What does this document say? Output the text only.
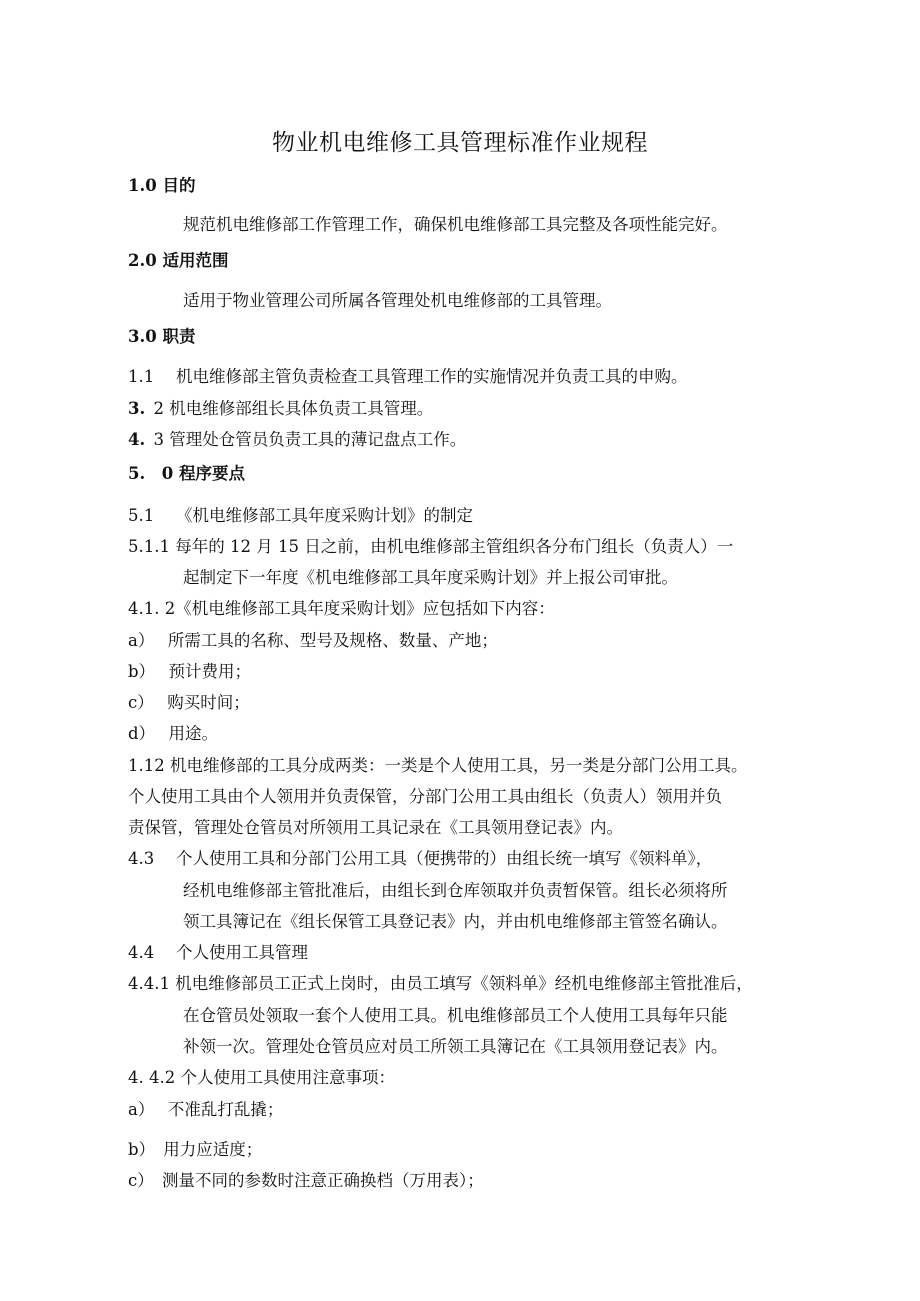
物业机电维修工具管理标准作业规程
1.0 目的
规范机电维修部工作管理工作，确保机电维修部工具完整及各项性能完好。
2.0 适用范围
适用于物业管理公司所属各管理处机电维修部的工具管理。
3.0 职责
1.1　 机电维修部主管负责检查工具管理工作的实施情况并负责工具的申购。
3.  2 机电维修部组长具体负责工具管理。
4.  3 管理处仓管员负责工具的薄记盘点工作。
5.　0 程序要点
5.1　 《机电维修部工具年度采购计划》的制定
5.1.1 每年的 12 月 15 日之前，由机电维修部主管组织各分布门组长（负责人）一
起制定下一年度《机电维修部工具年度采购计划》并上报公司审批。
4.1. 2《机电维修部工具年度采购计划》应包括如下内容：
a）　 所需工具的名称、型号及规格、数量、产地；
b）　 预计费用；
c）　 购买时间；
d）　 用途。
1.12 机电维修部的工具分成两类：一类是个人使用工具，另一类是分部门公用工具。
个人使用工具由个人领用并负责保管，分部门公用工具由组长（负责人）领用并负
责保管，管理处仓管员对所领用工具记录在《工具领用登记表》内。
4.3　 个人使用工具和分部门公用工具（便携带的）由组长统一填写《领料单》，
经机电维修部主管批准后，由组长到仓库领取并负责暂保管。组长必须将所
领工具簿记在《组长保管工具登记表》内，并由机电维修部主管签名确认。
4.4　 个人使用工具管理
4.4.1 机电维修部员工正式上岗时，由员工填写《领料单》经机电维修部主管批准后，
在仓管员处领取一套个人使用工具。机电维修部员工个人使用工具每年只能
补领一次。管理处仓管员应对员工所领工具簿记在《工具领用登记表》内。
4. 4.2 个人使用工具使用注意事项：
a）　 不准乱打乱撬；
b）　用力应适度；
c）　测量不同的参数时注意正确换档（万用表）；
